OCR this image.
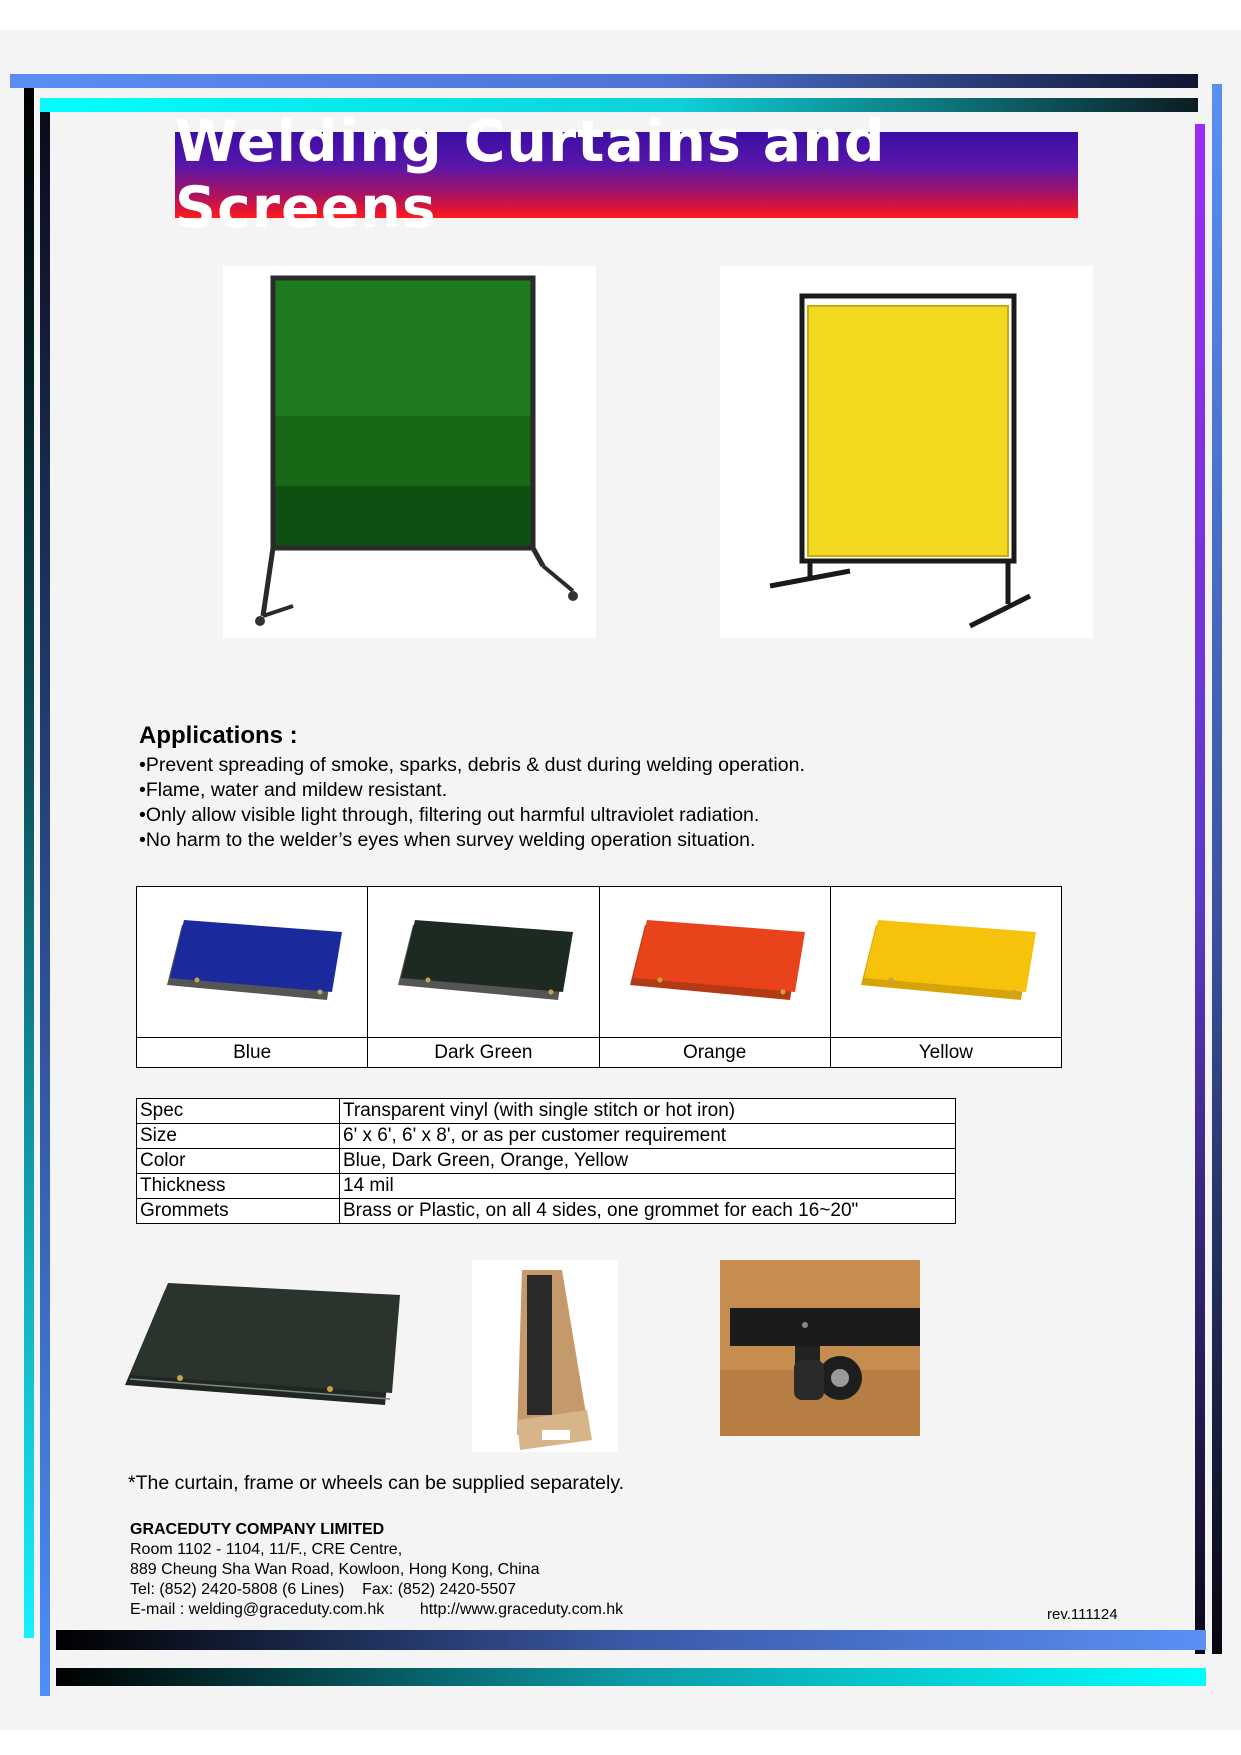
Welding Curtains and Screens
Applications :
• Prevent spreading of smoke, sparks, debris & dust during welding operation.
• Flame, water and mildew resistant.
• Only allow visible light through, filtering out harmful ultraviolet radiation.
• No harm to the welder’s eyes when survey welding operation situation.

Blue	Dark Green	Orange	Yellow
Spec	Transparent vinyl (with single stitch or hot iron)
Size	6' x 6', 6' x 8', or as per customer requirement
Color	Blue, Dark Green, Orange, Yellow
Thickness	14 mil
Grommets	Brass or Plastic, on all 4 sides, one grommet for each 16~20"
*The curtain, frame or wheels can be supplied separately.
GRACEDUTY COMPANY LIMITED
Room 1102 - 1104, 11/F., CRE Centre,
889 Cheung Sha Wan Road, Kowloon, Hong Kong, China
Tel: (852) 2420-5808 (6 Lines)    Fax: (852) 2420-5507
E-mail : welding@graceduty.com.hk        http://www.graceduty.com.hk	rev.111124
